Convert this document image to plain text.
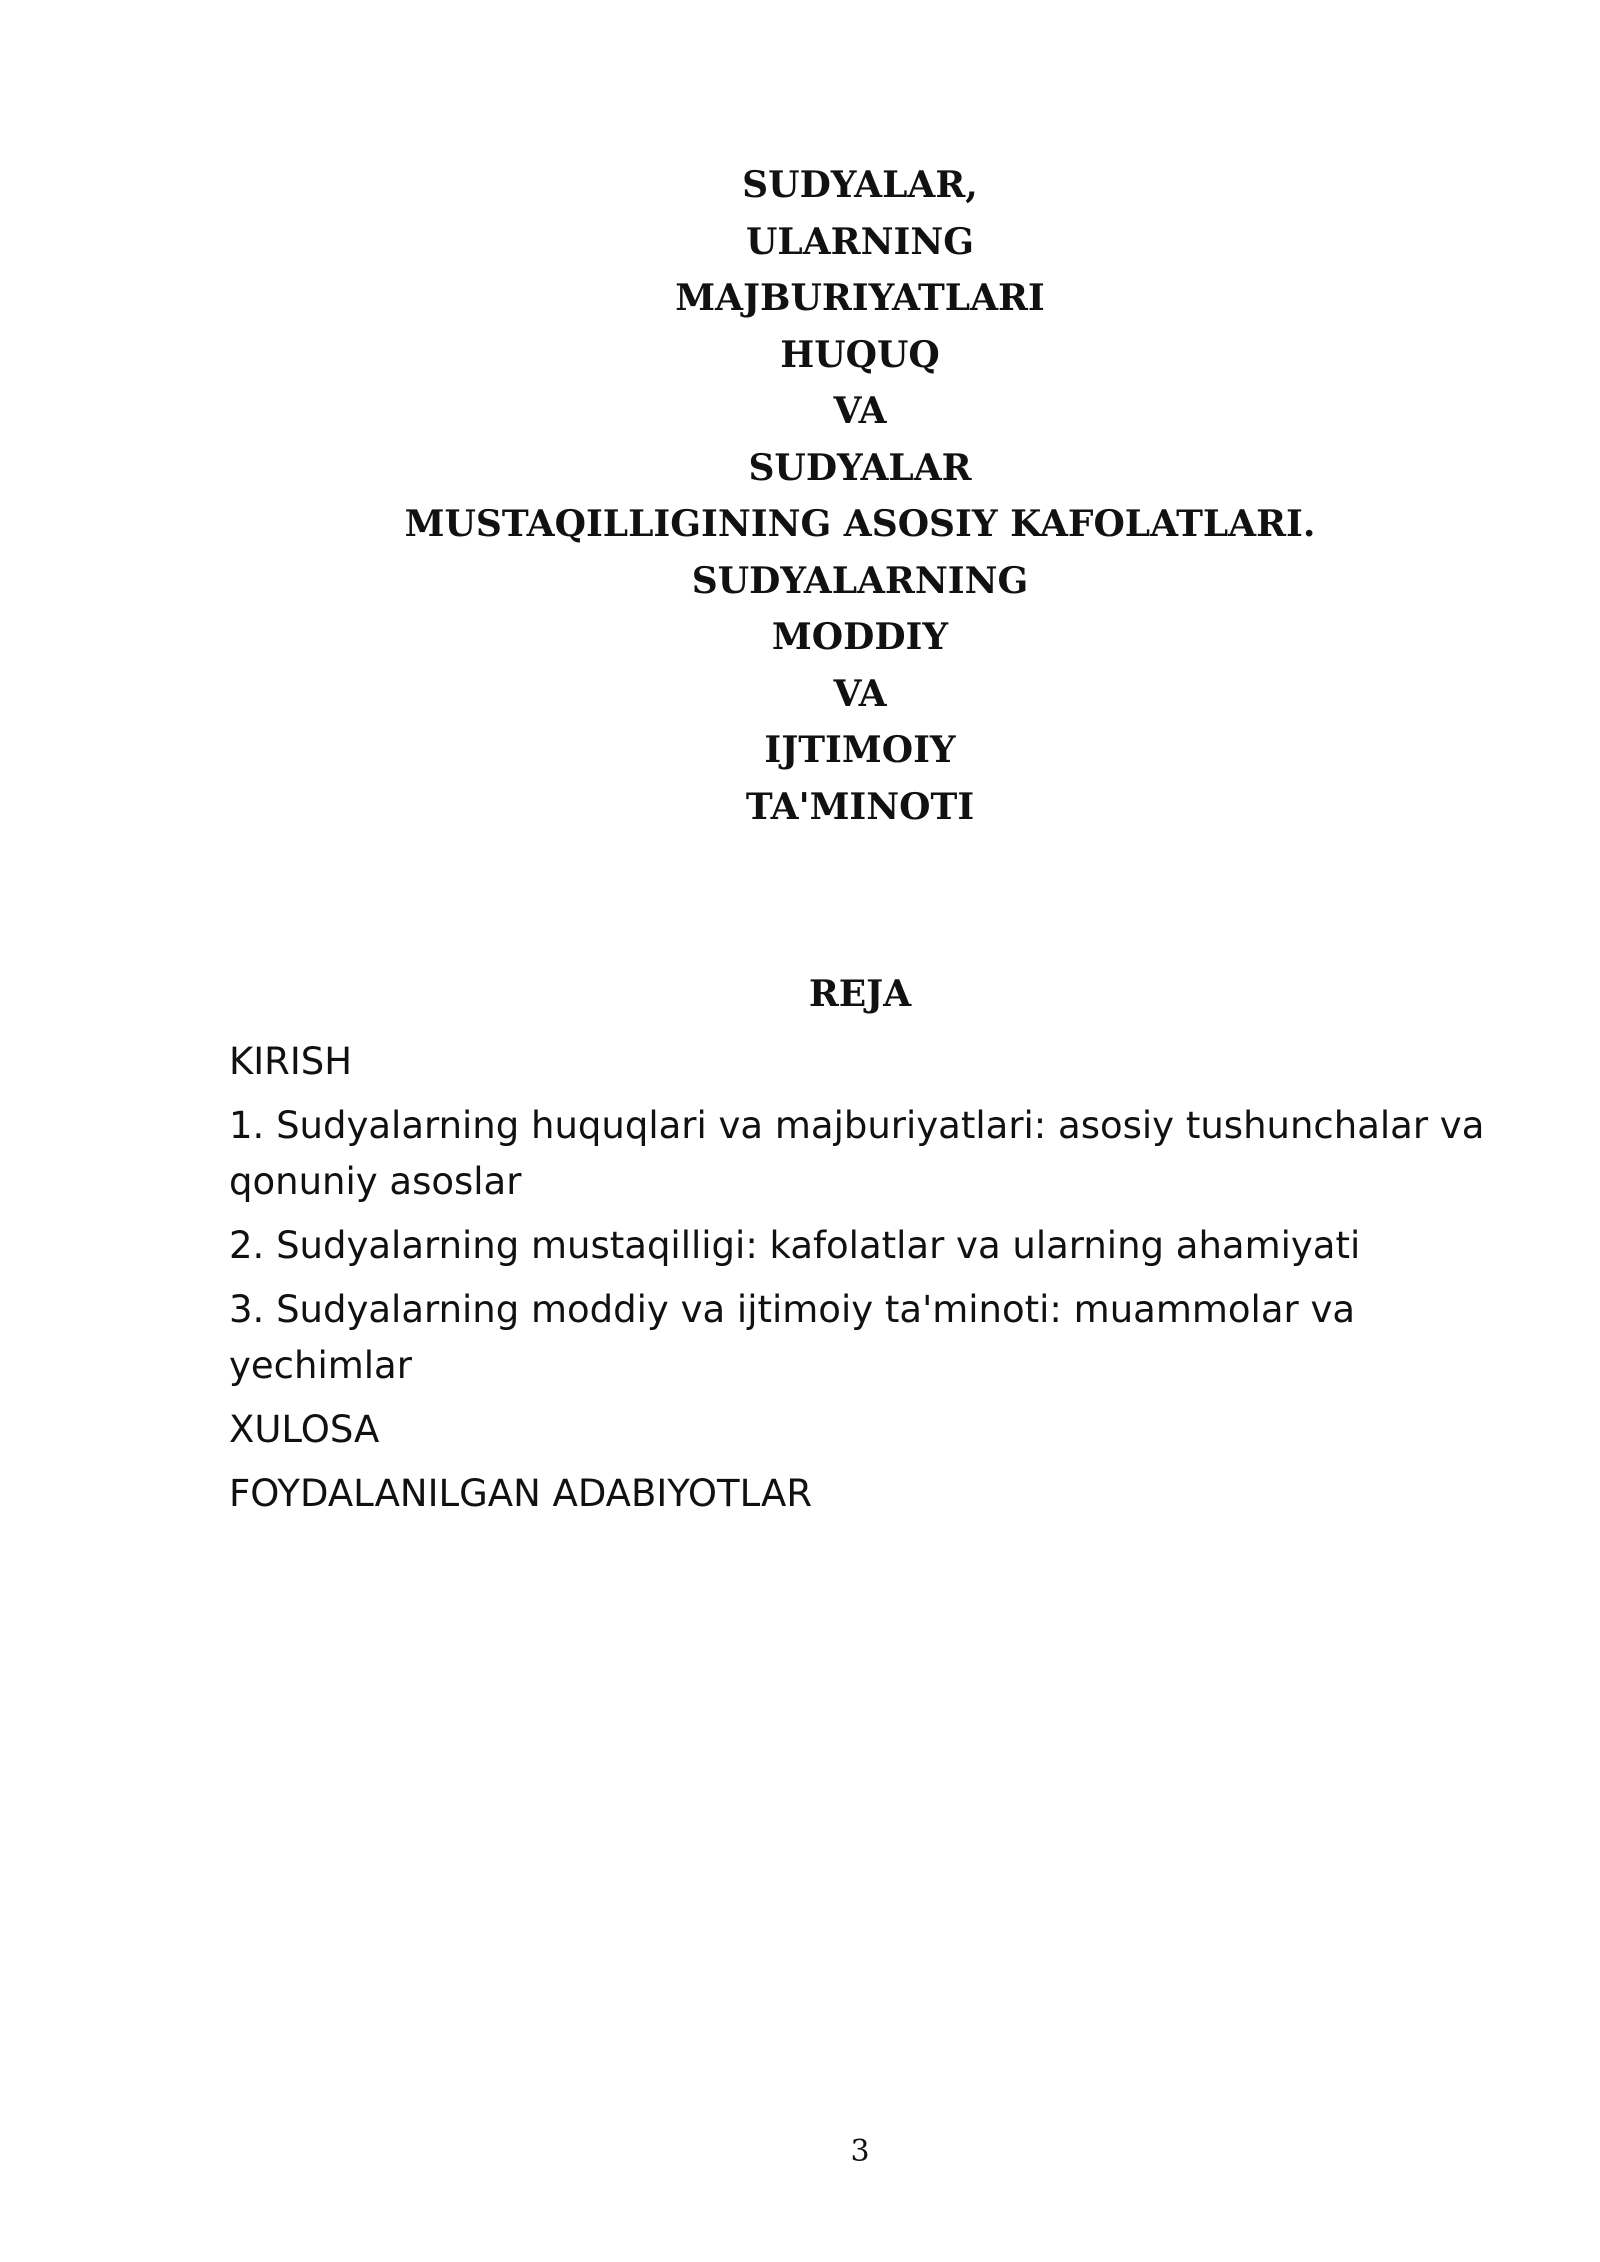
SUDYALAR,
ULARNING
MAJBURIYATLARI
HUQUQ
VA
SUDYALAR
MUSTAQILLIGINING ASOSIY KAFOLATLARI.
SUDYALARNING
MODDIY
VA
IJTIMOIY
TA'MINOTI
REJA
KIRISH
1. Sudyalarning huquqlari va majburiyatlari: asosiy tushunchalar va qonuniy asoslar
2. Sudyalarning mustaqilligi: kafolatlar va ularning ahamiyati
3. Sudyalarning moddiy va ijtimoiy ta'minoti: muammolar va yechimlar
XULOSA
FOYDALANILGAN ADABIYOTLAR
3
